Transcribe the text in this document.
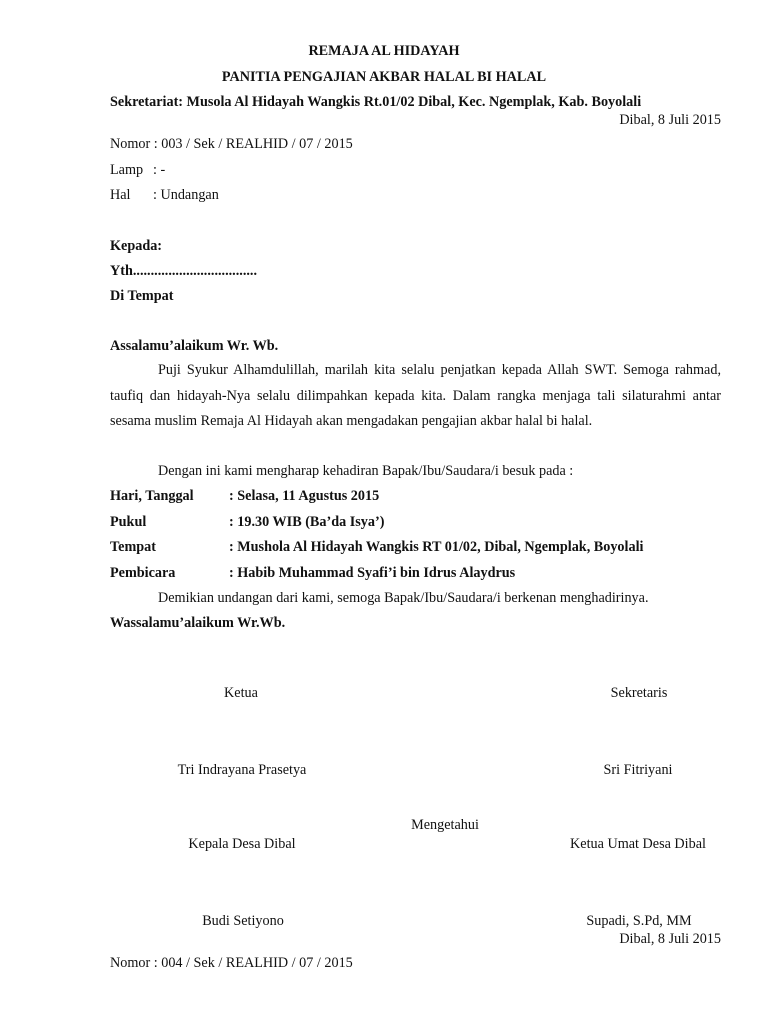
REMAJA AL HIDAYAH
PANITIA PENGAJIAN AKBAR HALAL BI HALAL
Sekretariat: Musola Al Hidayah Wangkis Rt.01/02 Dibal, Kec. Ngemplak, Kab. Boyolali
Dibal, 8 Juli 2015
Nomor : 003 / Sek / REALHID / 07 / 2015
Lamp : -
Hal : Undangan
Kepada:
Yth...................................
Di Tempat
Assalamu’alaikum Wr. Wb.
Puji Syukur Alhamdulillah, marilah kita selalu penjatkan kepada Allah SWT. Semoga rahmad, taufiq dan hidayah-Nya selalu dilimpahkan kepada kita. Dalam rangka menjaga tali silaturahmi antar sesama muslim Remaja Al Hidayah akan mengadakan pengajian akbar halal bi halal.
Dengan ini kami mengharap kehadiran Bapak/Ibu/Saudara/i besuk pada :
Hari, Tanggal : Selasa, 11 Agustus 2015
Pukul	: 19.30 WIB (Ba’da Isya’)
Tempat	: Mushola Al Hidayah Wangkis RT 01/02, Dibal, Ngemplak, Boyolali
Pembicara	: Habib Muhammad Syafi’i bin Idrus Alaydrus
Demikian undangan dari kami, semoga Bapak/Ibu/Saudara/i berkenan menghadirinya.
Wassalamu’alaikum Wr.Wb.
Ketua	Sekretaris
Tri Indrayana Prasetya	Sri Fitriyani
Mengetahui
Kepala Desa Dibal	Ketua Umat Desa Dibal
Budi Setiyono	Supadi, S.Pd, MM
Dibal, 8 Juli 2015
Nomor : 004 / Sek / REALHID / 07 / 2015
